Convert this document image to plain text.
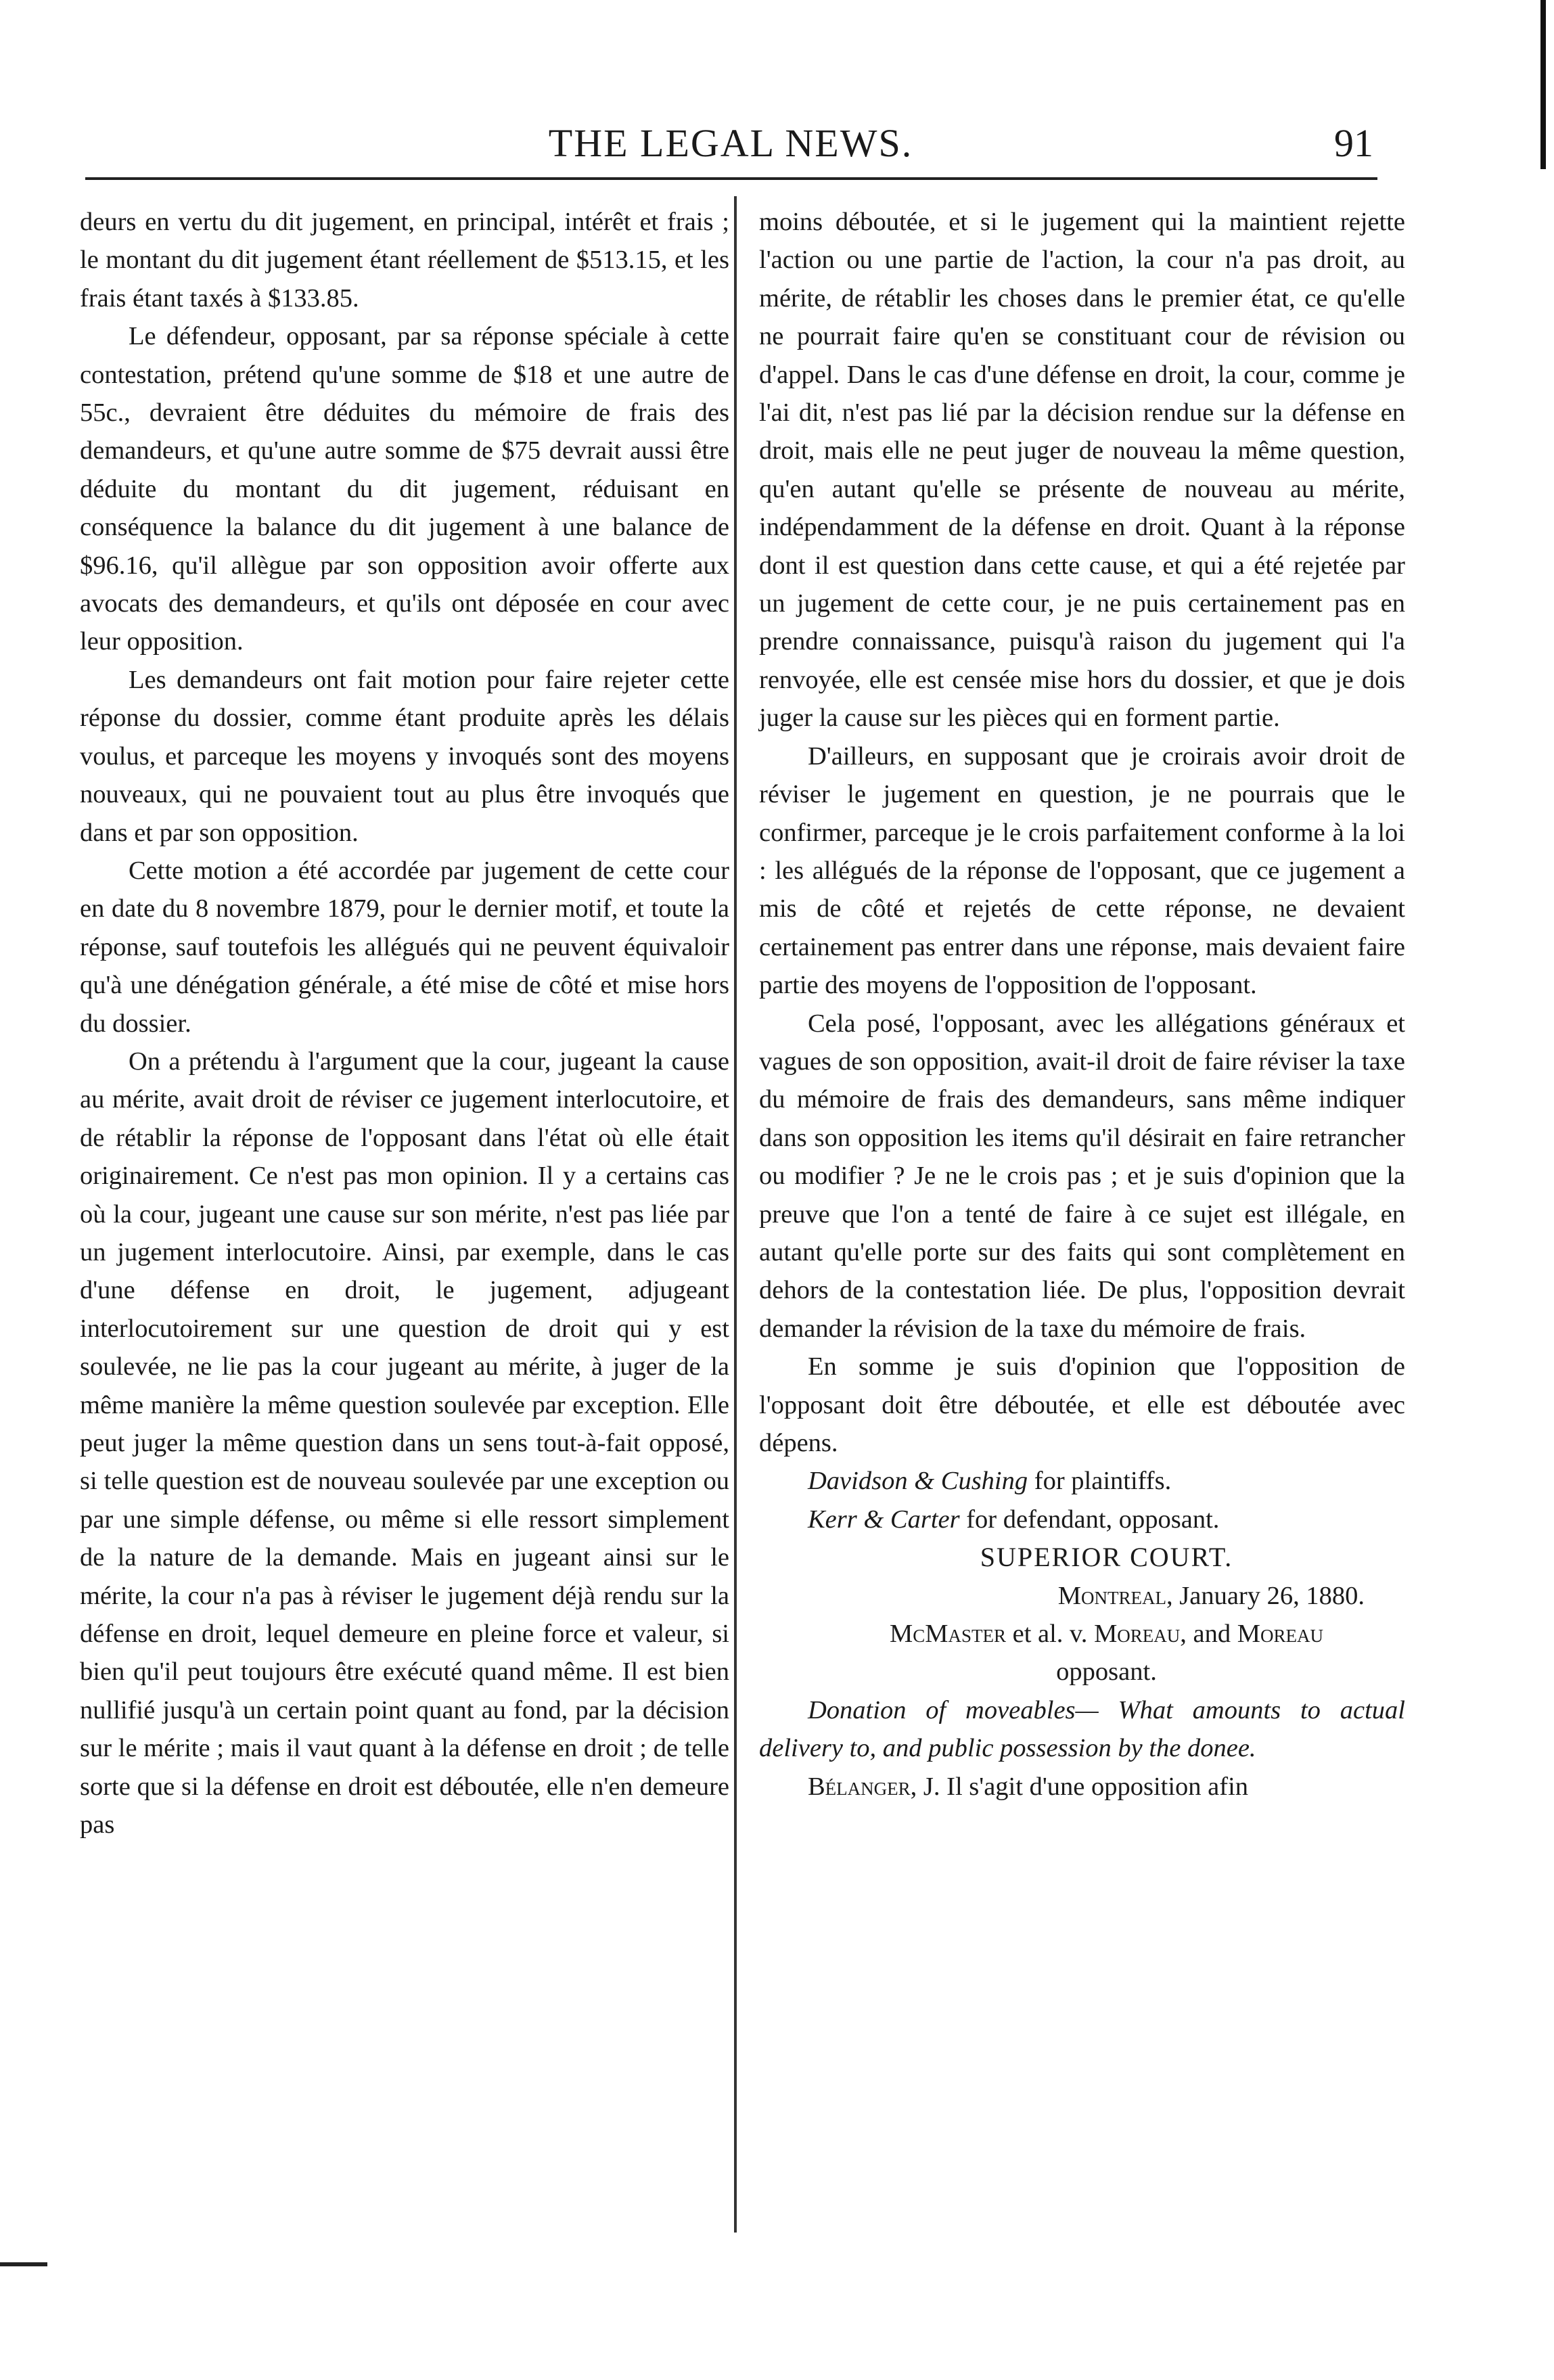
THE LEGAL NEWS.	91

deurs en vertu du dit jugement, en principal, intérêt et frais ; le montant du dit jugement étant réellement de $513.15, et les frais étant taxés à $133.85.

Le défendeur, opposant, par sa réponse spéciale à cette contestation, prétend qu'une somme de $18 et une autre de 55c., devraient être déduites du mémoire de frais des demandeurs, et qu'une autre somme de $75 devrait aussi être déduite du montant du dit jugement, réduisant en conséquence la balance du dit jugement à une balance de $96.16, qu'il allègue par son opposition avoir offerte aux avocats des demandeurs, et qu'ils ont déposée en cour avec leur opposition.

Les demandeurs ont fait motion pour faire rejeter cette réponse du dossier, comme étant produite après les délais voulus, et parceque les moyens y invoqués sont des moyens nouveaux, qui ne pouvaient tout au plus être invoqués que dans et par son opposition.

Cette motion a été accordée par jugement de cette cour en date du 8 novembre 1879, pour le dernier motif, et toute la réponse, sauf toutefois les allégués qui ne peuvent équivaloir qu'à une dénégation générale, a été mise de côté et mise hors du dossier.

On a prétendu à l'argument que la cour, jugeant la cause au mérite, avait droit de réviser ce jugement interlocutoire, et de rétablir la réponse de l'opposant dans l'état où elle était originairement. Ce n'est pas mon opinion. Il y a certains cas où la cour, jugeant une cause sur son mérite, n'est pas liée par un jugement interlocutoire. Ainsi, par exemple, dans le cas d'une défense en droit, le jugement, adjugeant interlocutoirement sur une question de droit qui y est soulevée, ne lie pas la cour jugeant au mérite, à juger de la même manière la même question soulevée par exception. Elle peut juger la même question dans un sens tout-à-fait opposé, si telle question est de nouveau soulevée par une exception ou par une simple défense, ou même si elle ressort simplement de la nature de la demande. Mais en jugeant ainsi sur le mérite, la cour n'a pas à réviser le jugement déjà rendu sur la défense en droit, lequel demeure en pleine force et valeur, si bien qu'il peut toujours être exécuté quand même. Il est bien nullifié jusqu'à un certain point quant au fond, par la décision sur le mérite ; mais il vaut quant à la défense en droit ; de telle sorte que si la défense en droit est déboutée, elle n'en demeure pas

moins déboutée, et si le jugement qui la maintient rejette l'action ou une partie de l'action, la cour n'a pas droit, au mérite, de rétablir les choses dans le premier état, ce qu'elle ne pourrait faire qu'en se constituant cour de révision ou d'appel. Dans le cas d'une défense en droit, la cour, comme je l'ai dit, n'est pas lié par la décision rendue sur la défense en droit, mais elle ne peut juger de nouveau la même question, qu'en autant qu'elle se présente de nouveau au mérite, indépendamment de la défense en droit. Quant à la réponse dont il est question dans cette cause, et qui a été rejetée par un jugement de cette cour, je ne puis certainement pas en prendre connaissance, puisqu'à raison du jugement qui l'a renvoyée, elle est censée mise hors du dossier, et que je dois juger la cause sur les pièces qui en forment partie.

D'ailleurs, en supposant que je croirais avoir droit de réviser le jugement en question, je ne pourrais que le confirmer, parceque je le crois parfaitement conforme à la loi : les allégués de la réponse de l'opposant, que ce jugement a mis de côté et rejetés de cette réponse, ne devaient certainement pas entrer dans une réponse, mais devaient faire partie des moyens de l'opposition de l'opposant.

Cela posé, l'opposant, avec les allégations généraux et vagues de son opposition, avait-il droit de faire réviser la taxe du mémoire de frais des demandeurs, sans même indiquer dans son opposition les items qu'il désirait en faire retrancher ou modifier ? Je ne le crois pas ; et je suis d'opinion que la preuve que l'on a tenté de faire à ce sujet est illégale, en autant qu'elle porte sur des faits qui sont complètement en dehors de la contestation liée. De plus, l'opposition devrait demander la révision de la taxe du mémoire de frais.

En somme je suis d'opinion que l'opposition de l'opposant doit être déboutée, et elle est déboutée avec dépens.

Davidson & Cushing for plaintiffs.

Kerr & Carter for defendant, opposant.

SUPERIOR COURT.

Montreal, January 26, 1880.

McMaster et al. v. Moreau, and Moreau

opposant.

Donation of moveables— What amounts to actual delivery to, and public possession by the donee.

Bélanger, J. Il s'agit d'une opposition afin
